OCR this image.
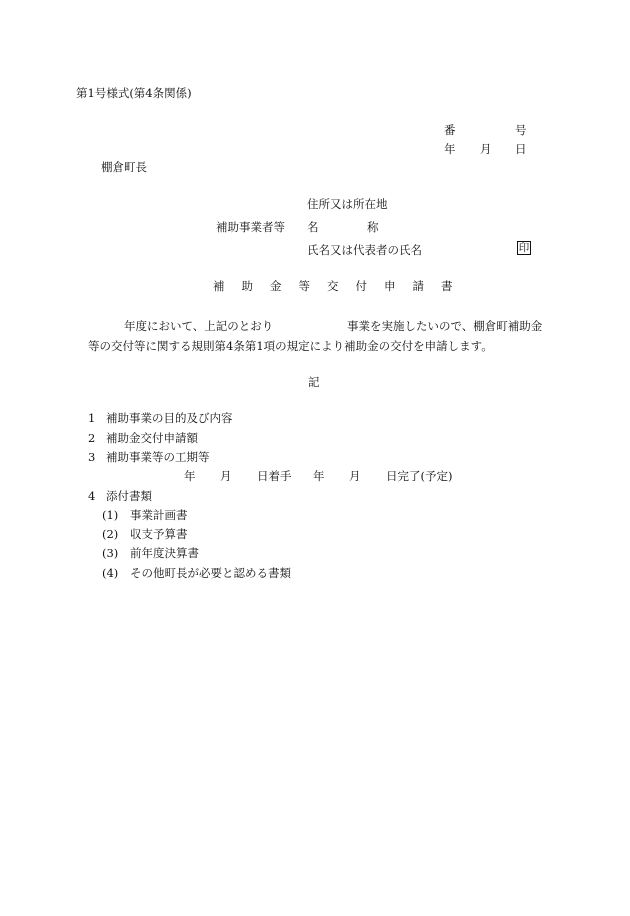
第1号様式(第4条関係)
番	号
年 月 日
棚倉町長
住所又は所在地
補助事業者等 名	称
氏名又は代表者の氏名	印
補助金等交付申請書
年度において、上記のとおり	事業を実施したいので、棚倉町補助金
等の交付等に関する規則第4条第1項の規定により補助金の交付を申請します。
記
1 補助事業の目的及び内容
2 補助金交付申請額
3 補助事業等の工期等
年 月 日着手 年 月 日完了(予定)
4 添付書類
(1) 事業計画書
(2) 収支予算書
(3) 前年度決算書
(4) その他町長が必要と認める書類
